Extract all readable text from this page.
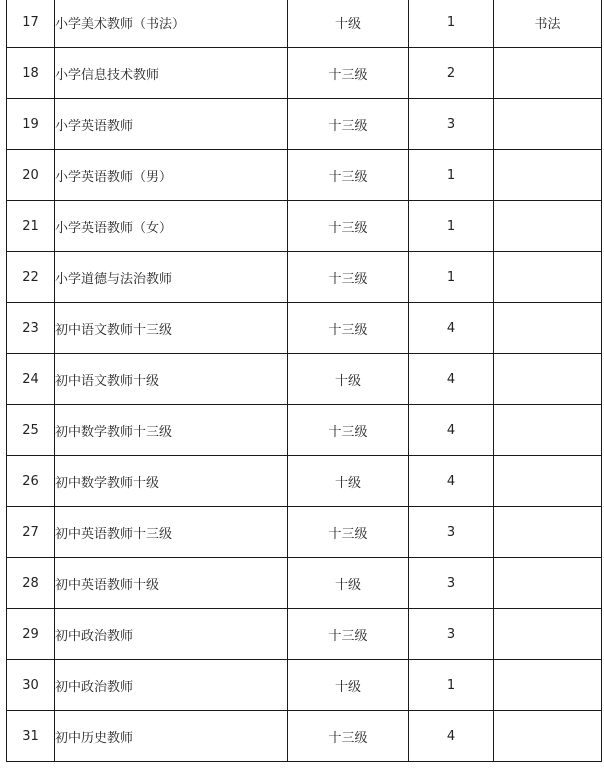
17	小学美术教师（书法）	十级	1	书法
18	小学信息技术教师	十三级	2	
19	小学英语教师	十三级	3	
20	小学英语教师（男）	十三级	1	
21	小学英语教师（女）	十三级	1	
22	小学道德与法治教师	十三级	1	
23	初中语文教师十三级	十三级	4	
24	初中语文教师十级	十级	4	
25	初中数学教师十三级	十三级	4	
26	初中数学教师十级	十级	4	
27	初中英语教师十三级	十三级	3	
28	初中英语教师十级	十级	3	
29	初中政治教师	十三级	3	
30	初中政治教师	十级	1	
31	初中历史教师	十三级	4	
